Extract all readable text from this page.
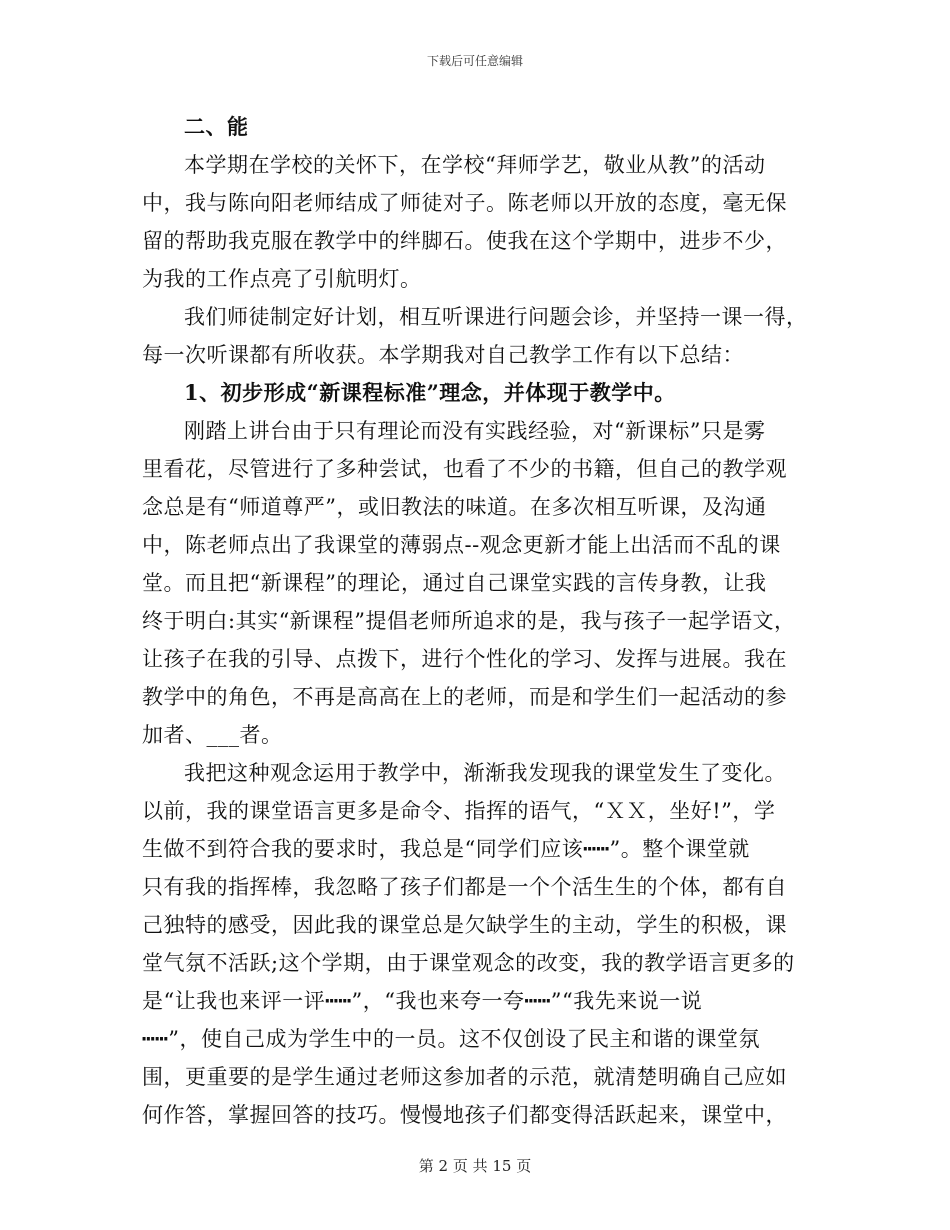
下载后可任意编辑
二、能
本学期在学校的关怀下，在学校“拜师学艺，敬业从教”的活动
中，我与陈向阳老师结成了师徒对子。陈老师以开放的态度，毫无保
留的帮助我克服在教学中的绊脚石。使我在这个学期中，进步不少，
为我的工作点亮了引航明灯。
我们师徒制定好计划，相互听课进行问题会诊，并坚持一课一得，
每一次听课都有所收获。本学期我对自己教学工作有以下总结：
1、初步形成“新课程标准”理念，并体现于教学中。
刚踏上讲台由于只有理论而没有实践经验，对“新课标”只是雾
里看花，尽管进行了多种尝试，也看了不少的书籍，但自己的教学观
念总是有“师道尊严”，或旧教法的味道。在多次相互听课，及沟通
中，陈老师点出了我课堂的薄弱点--观念更新才能上出活而不乱的课
堂。而且把“新课程”的理论，通过自己课堂实践的言传身教，让我
终于明白:其实“新课程”提倡老师所追求的是，我与孩子一起学语文，
让孩子在我的引导、点拨下，进行个性化的学习、发挥与进展。我在
教学中的角色，不再是高高在上的老师，而是和学生们一起活动的参
加者、___者。
我把这种观念运用于教学中，渐渐我发现我的课堂发生了变化。
以前，我的课堂语言更多是命令、指挥的语气，“ＸＸ，坐好!”，学
生做不到符合我的要求时，我总是“同学们应该┅┅”。整个课堂就
只有我的指挥棒，我忽略了孩子们都是一个个活生生的个体，都有自
己独特的感受，因此我的课堂总是欠缺学生的主动，学生的积极，课
堂气氛不活跃;这个学期，由于课堂观念的改变，我的教学语言更多的
是“让我也来评一评┅┅”，“我也来夸一夸┅┅”“我先来说一说
┅┅”，使自己成为学生中的一员。这不仅创设了民主和谐的课堂氛
围，更重要的是学生通过老师这参加者的示范，就清楚明确自己应如
何作答，掌握回答的技巧。慢慢地孩子们都变得活跃起来，课堂中，
第 2 页 共 15 页
